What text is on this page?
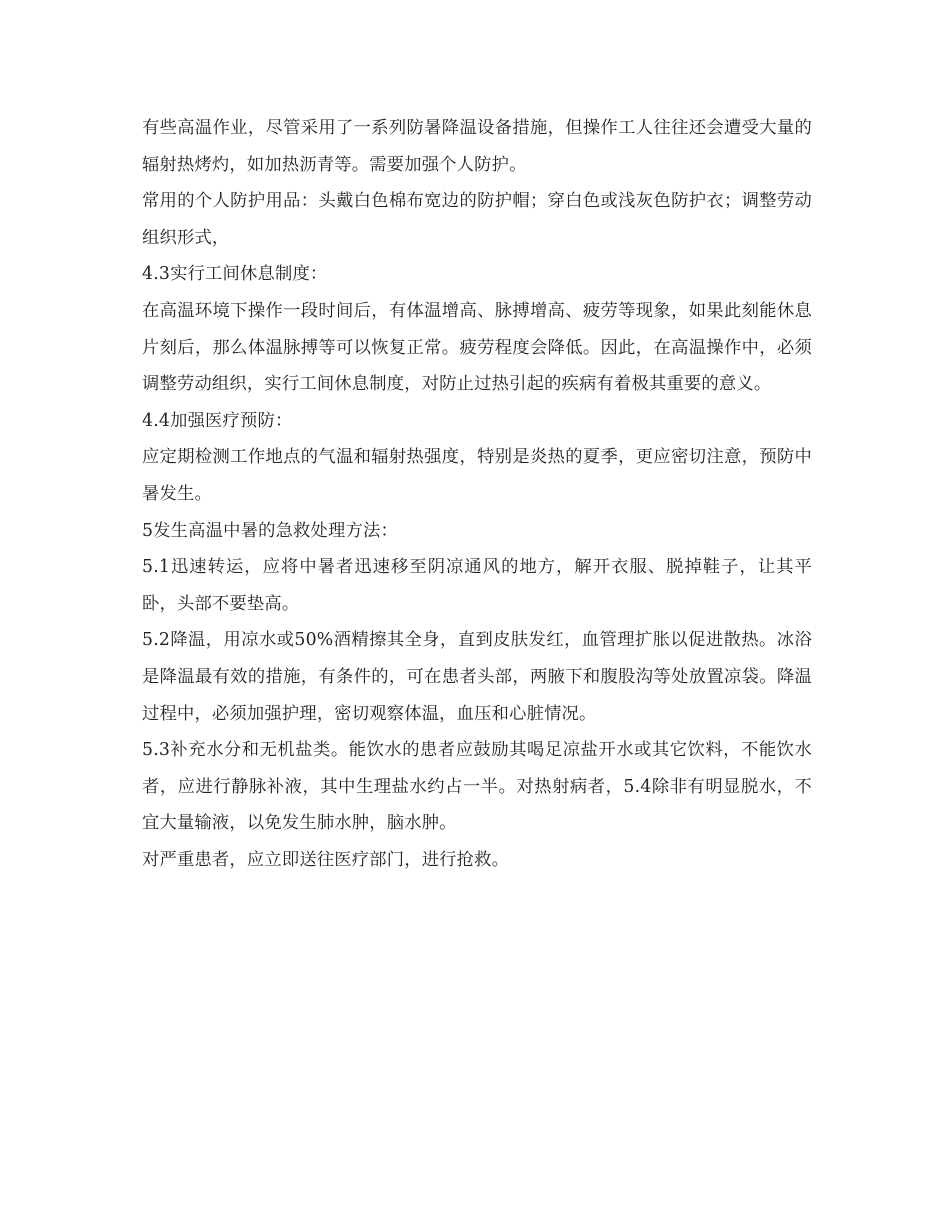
有些高温作业，尽管采用了一系列防暑降温设备措施，但操作工人往往还会遭受大量的辐射热烤灼，如加热沥青等。需要加强个人防护。

常用的个人防护用品：头戴白色棉布宽边的防护帽；穿白色或浅灰色防护衣；调整劳动组织形式，

4.3实行工间休息制度：

在高温环境下操作一段时间后，有体温增高、脉搏增高、疲劳等现象，如果此刻能休息片刻后，那么体温脉搏等可以恢复正常。疲劳程度会降低。因此，在高温操作中，必须调整劳动组织，实行工间休息制度，对防止过热引起的疾病有着极其重要的意义。

4.4加强医疗预防：

应定期检测工作地点的气温和辐射热强度，特别是炎热的夏季，更应密切注意，预防中暑发生。

5发生高温中暑的急救处理方法：

5.1迅速转运，应将中暑者迅速移至阴凉通风的地方，解开衣服、脱掉鞋子，让其平卧，头部不要垫高。

5.2降温，用凉水或50%酒精擦其全身，直到皮肤发红，血管理扩胀以促进散热。冰浴是降温最有效的措施，有条件的，可在患者头部，两腋下和腹股沟等处放置凉袋。降温过程中，必须加强护理，密切观察体温，血压和心脏情况。

5.3补充水分和无机盐类。能饮水的患者应鼓励其喝足凉盐开水或其它饮料，不能饮水者，应进行静脉补液，其中生理盐水约占一半。对热射病者，5.4除非有明显脱水，不宜大量输液，以免发生肺水肿，脑水肿。

对严重患者，应立即送往医疗部门，进行抢救。
